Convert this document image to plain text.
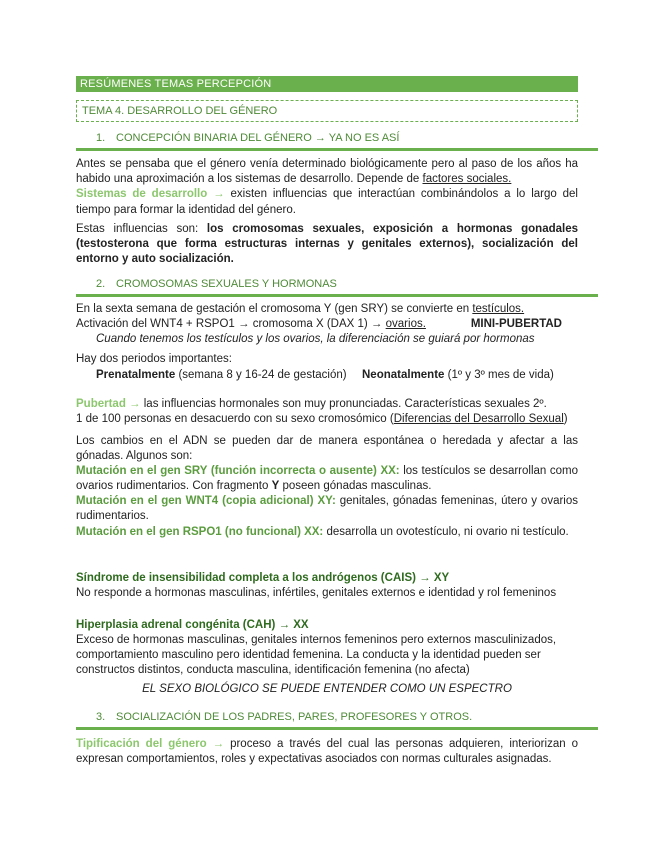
RESÚMENES TEMAS PERCEPCIÓN
TEMA 4. DESARROLLO DEL GÉNERO
1. CONCEPCIÓN BINARIA DEL GÉNERO → YA NO ES ASÍ
Antes se pensaba que el género venía determinado biológicamente pero al paso de los años ha habido una aproximación a los sistemas de desarrollo. Depende de factores sociales.
Sistemas de desarrollo → existen influencias que interactúan combinándolos a lo largo del tiempo para formar la identidad del género.
Estas influencias son: los cromosomas sexuales, exposición a hormonas gonadales (testosterona que forma estructuras internas y genitales externos), socialización del entorno y auto socialización.
2. CROMOSOMAS SEXUALES Y HORMONAS
En la sexta semana de gestación el cromosoma Y (gen SRY) se convierte en testículos.
Activación del WNT4 + RSPO1 → cromosoma X (DAX 1) → ovarios.	MINI-PUBERTAD
Cuando tenemos los testículos y los ovarios, la diferenciación se guiará por hormonas
Hay dos periodos importantes:
Prenatalmente (semana 8 y 16-24 de gestación) Neonatalmente (1º y 3º mes de vida)
Pubertad → las influencias hormonales son muy pronunciadas. Características sexuales 2º.
1 de 100 personas en desacuerdo con su sexo cromosómico (Diferencias del Desarrollo Sexual)
Los cambios en el ADN se pueden dar de manera espontánea o heredada y afectar a las gónadas. Algunos son:
Mutación en el gen SRY (función incorrecta o ausente) XX: los testículos se desarrollan como ovarios rudimentarios. Con fragmento Y poseen gónadas masculinas.
Mutación en el gen WNT4 (copia adicional) XY: genitales, gónadas femeninas, útero y ovarios rudimentarios.
Mutación en el gen RSPO1 (no funcional) XX: desarrolla un ovotestículo, ni ovario ni testículo.
Síndrome de insensibilidad completa a los andrógenos (CAIS) → XY
No responde a hormonas masculinas, infértiles, genitales externos e identidad y rol femeninos
Hiperplasia adrenal congénita (CAH) → XX
Exceso de hormonas masculinas, genitales internos femeninos pero externos masculinizados, comportamiento masculino pero identidad femenina. La conducta y la identidad pueden ser constructos distintos, conducta masculina, identificación femenina (no afecta)
EL SEXO BIOLÓGICO SE PUEDE ENTENDER COMO UN ESPECTRO
3. SOCIALIZACIÓN DE LOS PADRES, PARES, PROFESORES Y OTROS.
Tipificación del género → proceso a través del cual las personas adquieren, interiorizan o expresan comportamientos, roles y expectativas asociados con normas culturales asignadas.
